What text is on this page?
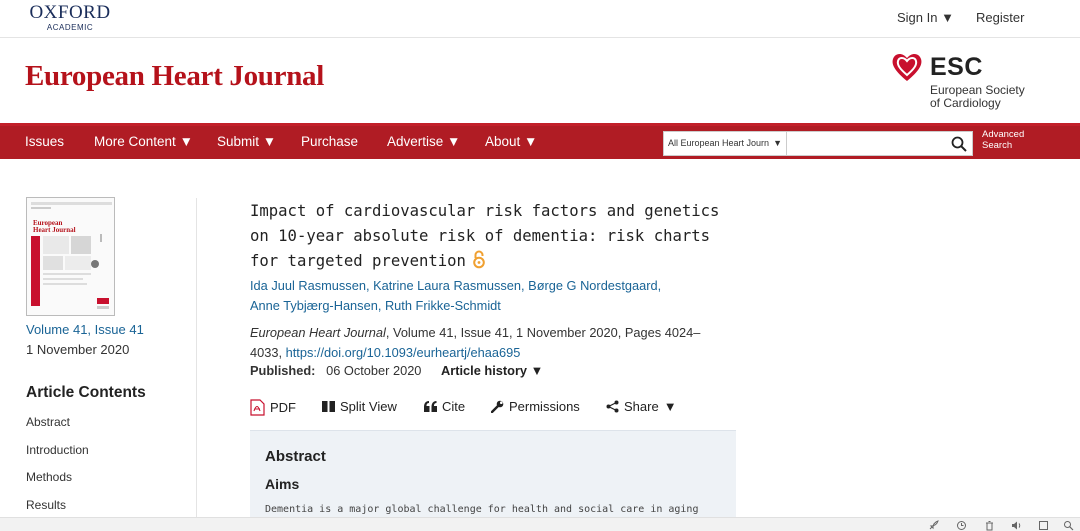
OXFORD
ACADEMIC
Sign In ▼ Register
European Heart Journal	ESC
European Society
of Cardiology
Issues More Content ▼ Submit ▼ Purchase Advertise ▼ About ▼	All European Heart Journ ▼
Advanced
Search
European
Heart Journal
Volume 41, Issue 41
1 November 2020
Article Contents
Abstract
Introduction
Methods
Results
Impact of cardiovascular risk factors and genetics
on 10-year absolute risk of dementia: risk charts
for targeted prevention
Ida Juul Rasmussen, Katrine Laura Rasmussen, Børge G Nordestgaard,
Anne Tybjærg-Hansen, Ruth Frikke-Schmidt
European Heart Journal, Volume 41, Issue 41, 1 November 2020, Pages 4024–
4033, https://doi.org/10.1093/eurheartj/ehaa695
Published: 06 October 2020 Article history ▼
PDF	Split View	Cite	Permissions	Share ▼
Abstract
Aims
Dementia is a major global challenge for health and social care in aging
